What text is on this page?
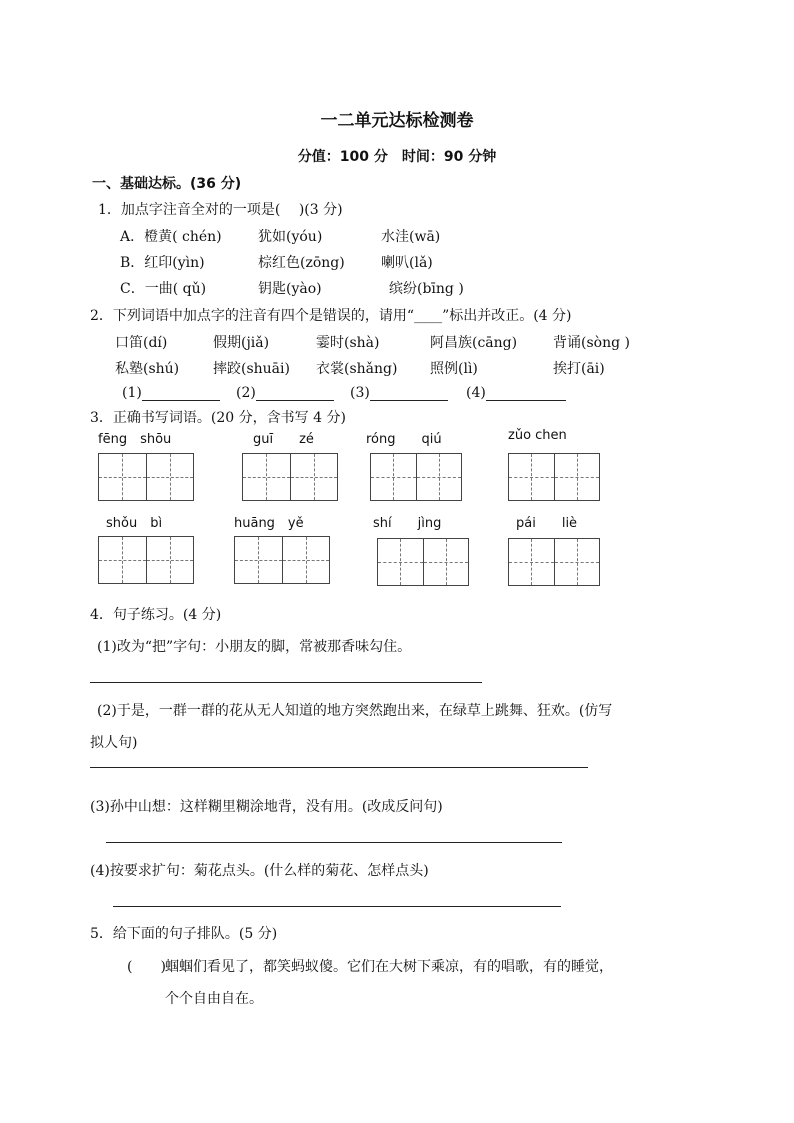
一二单元达标检测卷
分值：100 分　时间：90 分钟
一、基础达标。(36 分)
1．加点字注音全对的一项是(　 )(3 分)
A．橙黄( chén)	犹如(yóu)	水洼(wā)
B．红印(yìn)	棕红色(zōng)	喇叭(lǎ)
C．一曲( qǔ)	钥匙(yào)	缤纷(bīng )
2．下列词语中加点字的注音有四个是错误的，请用“____”标出并改正。(4 分)
口笛(dí)	假期(jiǎ)	霎时(shà)	阿昌族(cāng)	背诵(sòng )
私塾(shú) 摔跤(shuāi) 衣裳(shǎng) 照例(lì)	挨打(āi)
(1)	(2)	(3)	(4)
3．正确书写词语。(20 分，含书写 4 分)
fēng　shōu	guī　　zé	róng　　qiú	zǔo chen
shǒu　bì	huāng　yě	shí　　jìng	pái　　liè
4．句子练习。(4 分)
(1)改为“把”字句：小朋友的脚，常被那香味勾住。
(2)于是，一群一群的花从无人知道的地方突然跑出来，在绿草上跳舞、狂欢。(仿写
拟人句)
(3)孙中山想：这样糊里糊涂地背，没有用。(改成反问句)
(4)按要求扩句：菊花点头。(什么样的菊花、怎样点头)
5．给下面的句子排队。(5 分)
(　　) 蝈蝈们看见了，都笑蚂蚁傻。它们在大树下乘凉，有的唱歌，有的睡觉，
个个自由自在。
